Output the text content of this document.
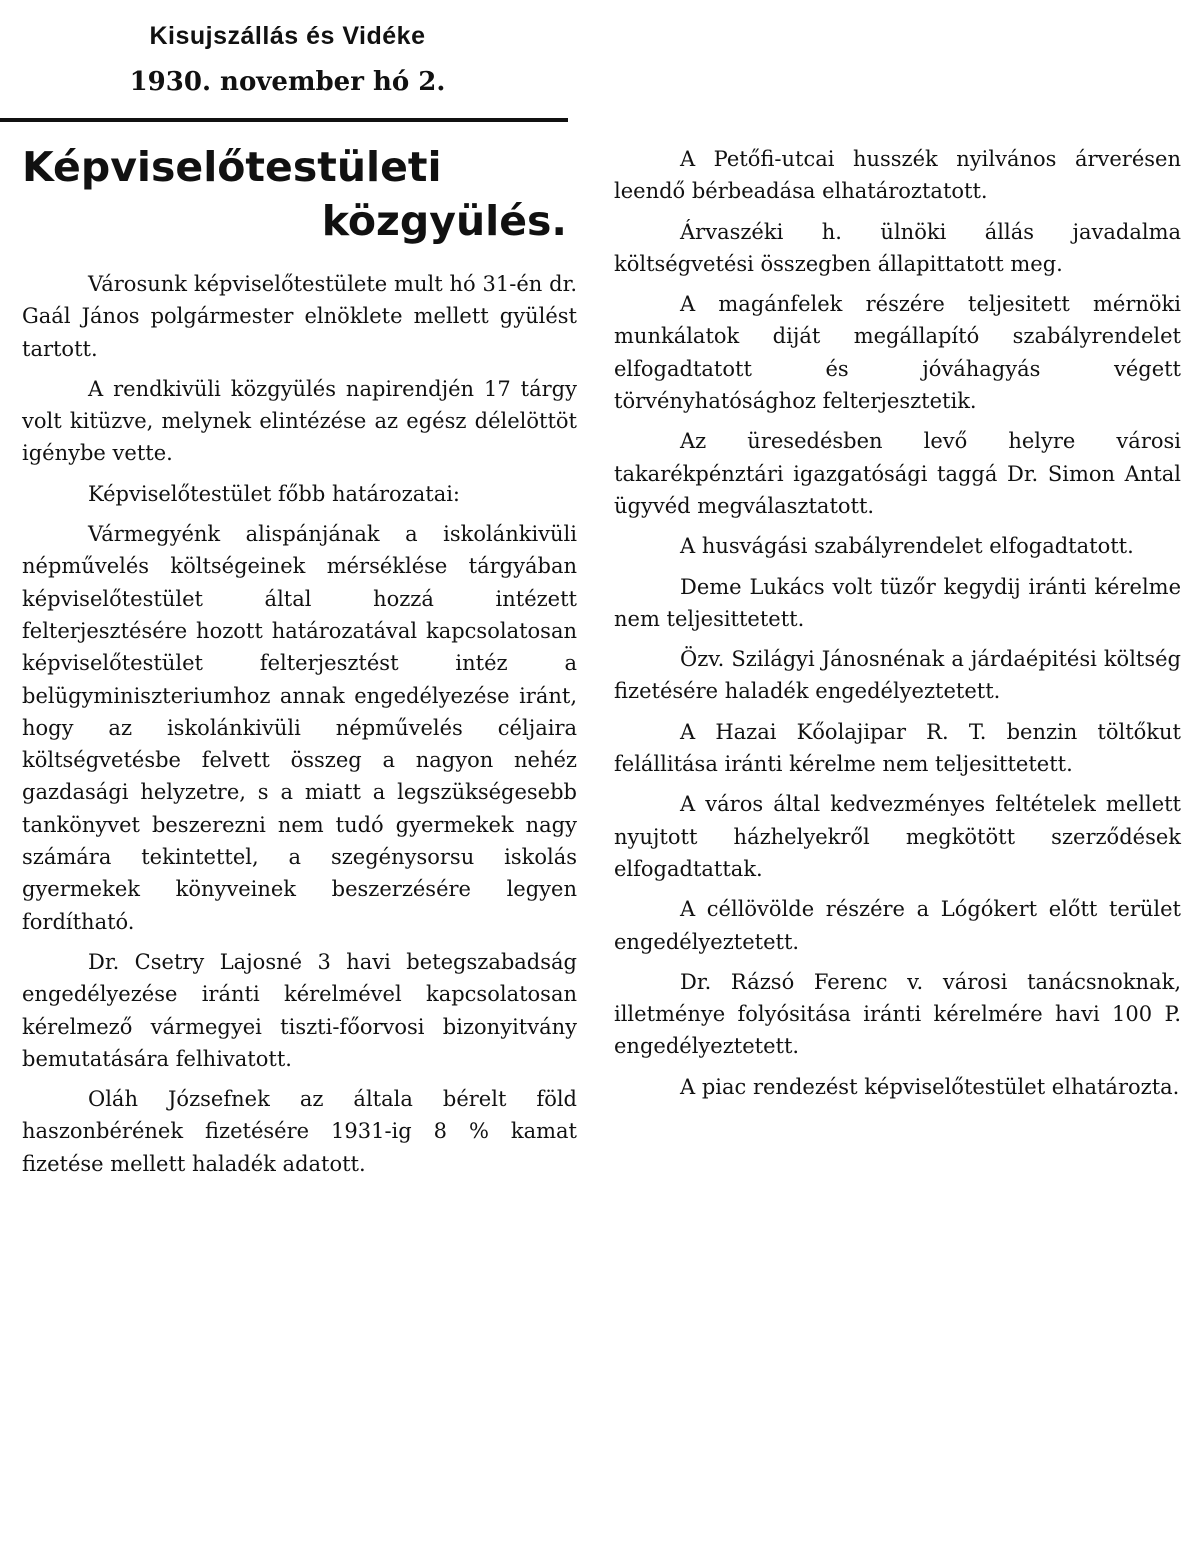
Kisujszállás és Vidéke
1930. november hó 2.
Képviselőtestületi
közgyülés.

Városunk képviselőtestülete mult hó 31-én dr. Gaál János polgármester elnöklete mellett gyülést tartott.

A rendkivüli közgyülés napirendjén 17 tárgy volt kitüzve, melynek elintézése az egész délelöttöt igénybe vette.

Képviselőtestület főbb határozatai:

Vármegyénk alispánjának a iskolánkivüli népművelés költségeinek mérséklése tárgyában képviselőtestület által hozzá intézett felterjesztésére hozott határozatával kapcsolatosan képviselőtestület felterjesztést intéz a belügyminiszteriumhoz annak engedélyezése iránt, hogy az iskolánkivüli népművelés céljaira költségvetésbe felvett összeg a nagyon nehéz gazdasági helyzetre, s a miatt a legszükségesebb tankönyvet beszerezni nem tudó gyermekek nagy számára tekintettel, a szegénysorsu iskolás gyermekek könyveinek beszerzésére legyen fordítható.

Dr. Csetry Lajosné 3 havi betegszabadság engedélyezése iránti kérelmével kapcsolatosan kérelmező vármegyei tiszti-főorvosi bizonyitvány bemutatására felhivatott.

Oláh Józsefnek az általa bérelt föld haszonbérének fizetésére 1931-ig 8 % kamat fizetése mellett haladék adatott.

A Petőfi-utcai husszék nyilvános árverésen leendő bérbeadása elhatároztatott.

Árvaszéki h. ülnöki állás javadalma költségvetési összegben állapittatott meg.

A magánfelek részére teljesitett mérnöki munkálatok diját megállapító szabályrendelet elfogadtatott és jóváhagyás végett törvényhatósághoz felterjesztetik.

Az üresedésben levő helyre városi takarékpénztári igazgatósági taggá Dr. Simon Antal ügyvéd megválasztatott.

A husvágási szabályrendelet elfogadtatott.

Deme Lukács volt tüzőr kegydij iránti kérelme nem teljesittetett.

Özv. Szilágyi Jánosnénak a járdaépitési költség fizetésére haladék engedélyeztetett.

A Hazai Kőolajipar R. T. benzin töltőkut felállitása iránti kérelme nem teljesittetett.

A város által kedvezményes feltételek mellett nyujtott házhelyekről megkötött szerződések elfogadtattak.

A céllövölde részére a Lógókert előtt terület engedélyeztetett.

Dr. Rázsó Ferenc v. városi tanácsnoknak, illetménye folyósitása iránti kérelmére havi 100 P. engedélyeztetett.

A piac rendezést képviselőtestület elhatározta.
